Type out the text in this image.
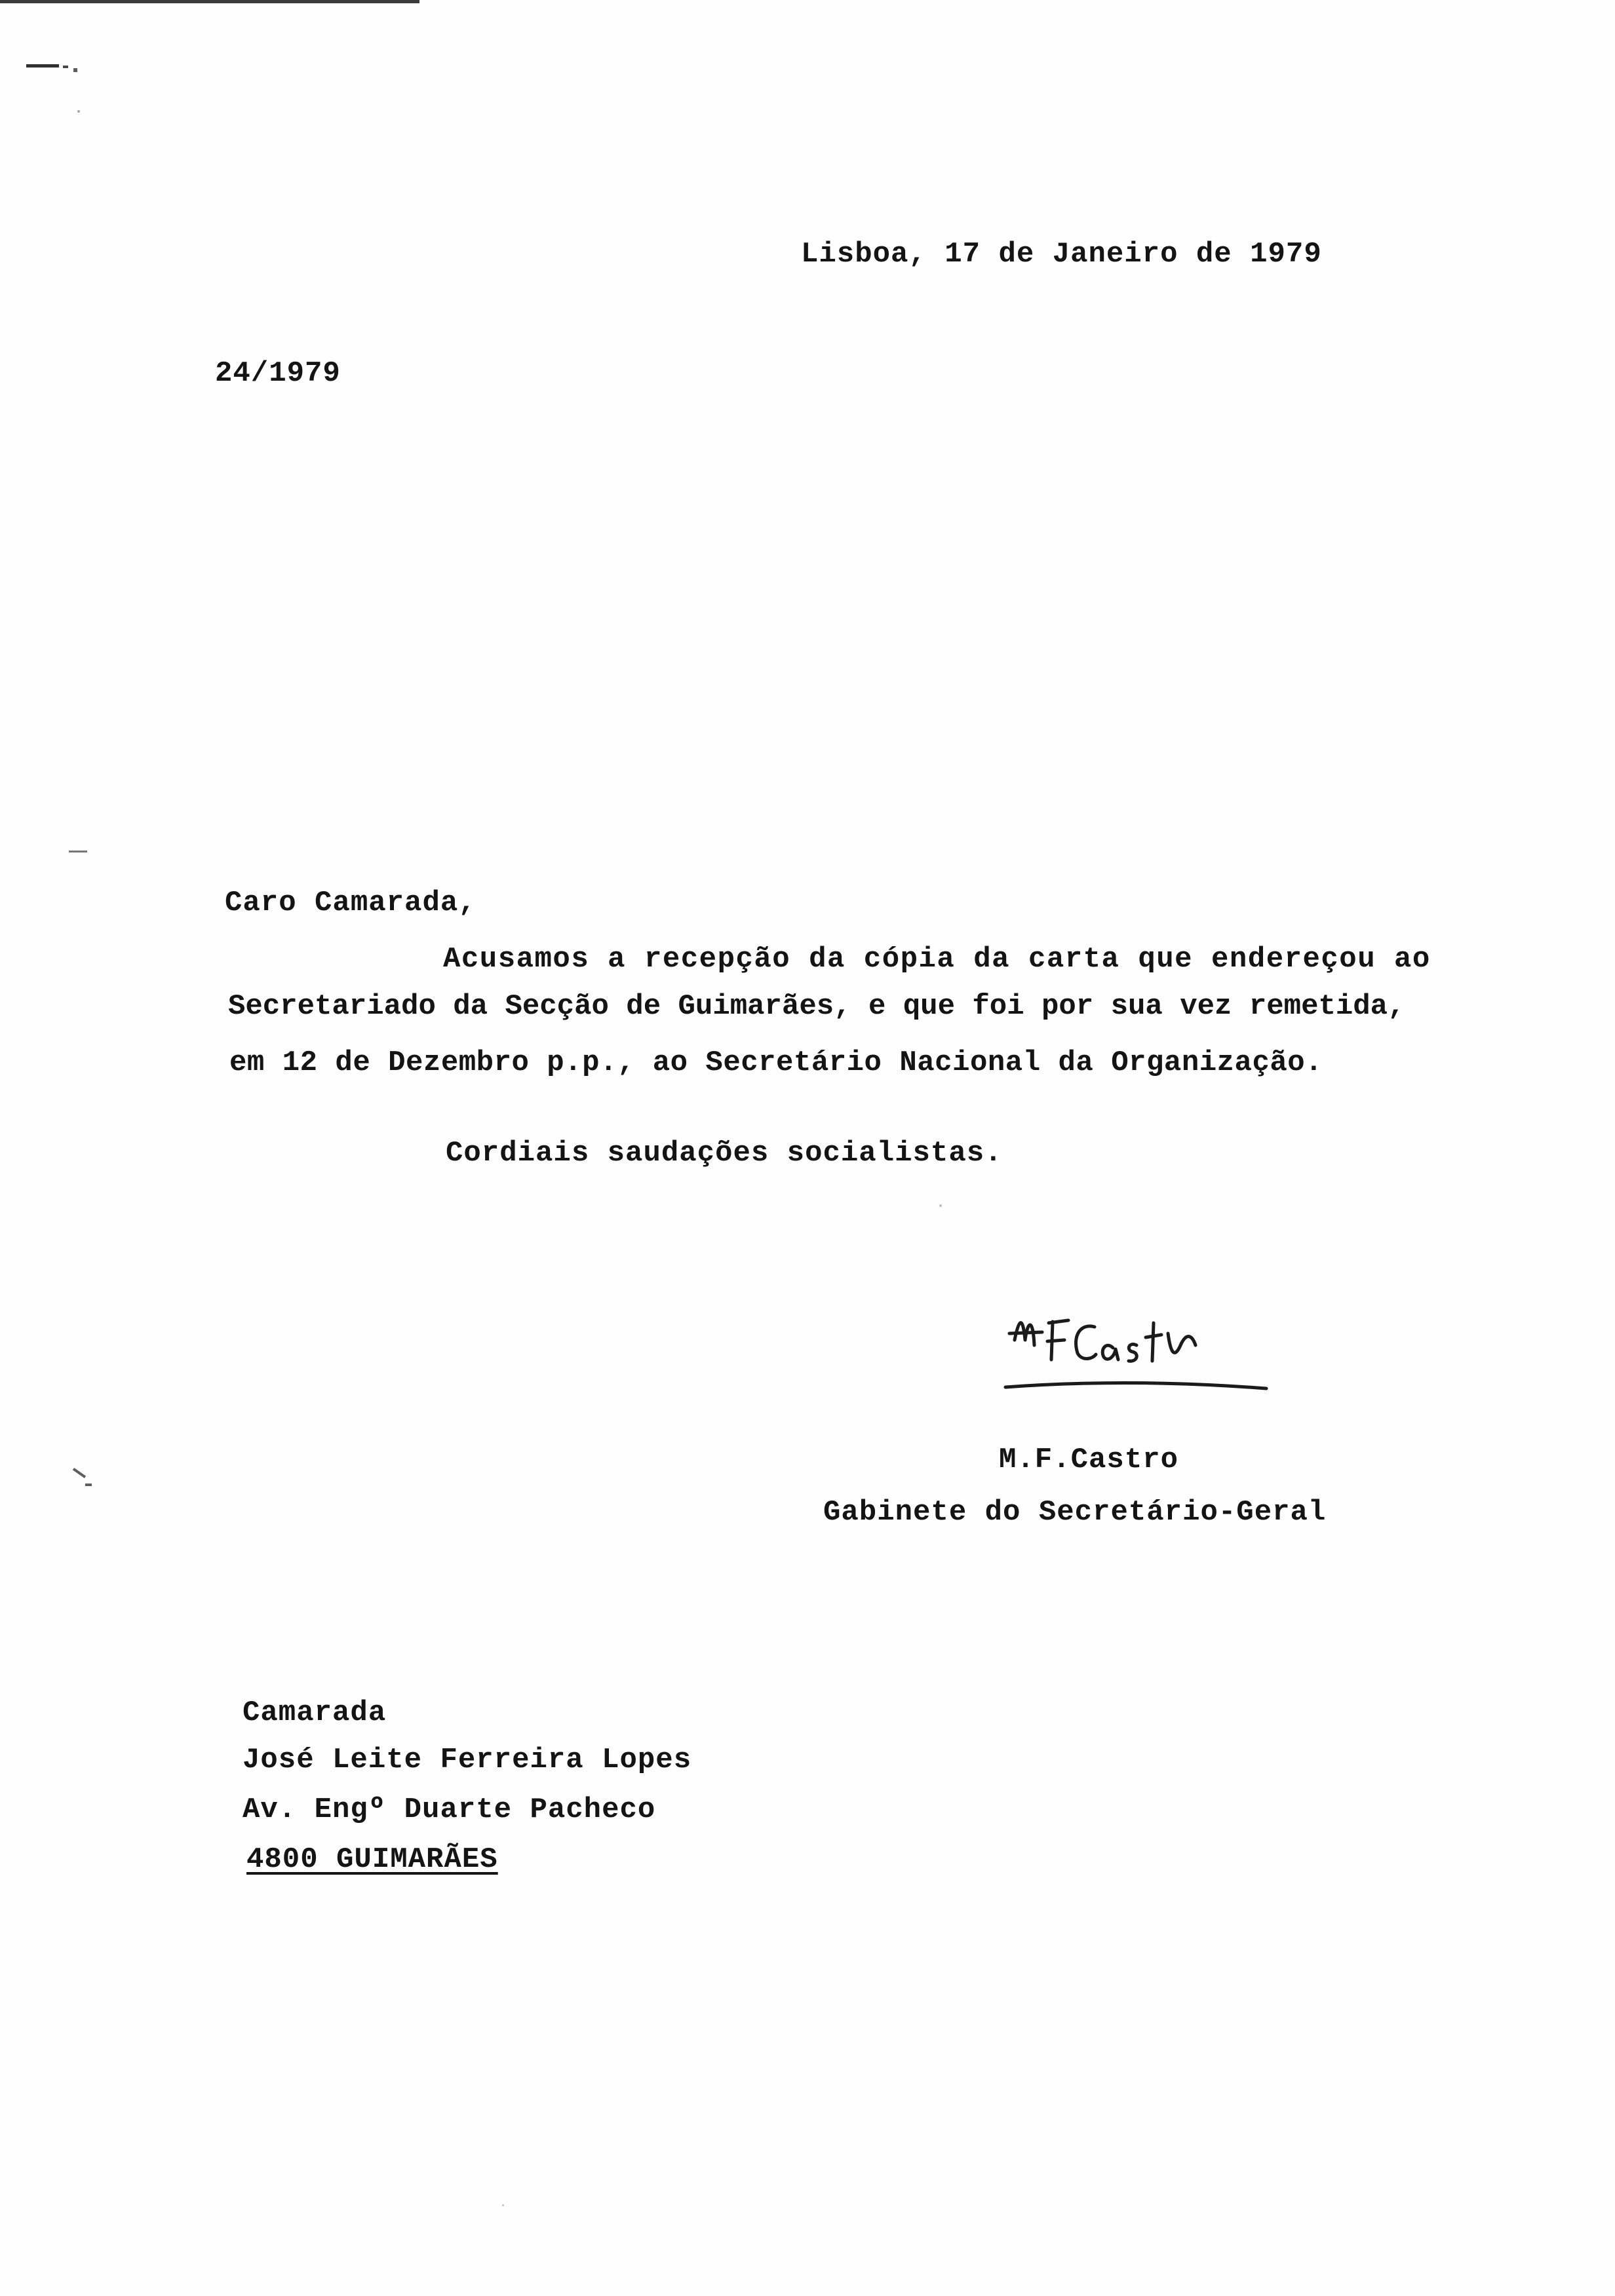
Lisboa, 17 de Janeiro de 1979
24/1979
Caro Camarada,
Acusamos a recepção da cópia da carta que endereçou ao
Secretariado da Secção de Guimarães, e que foi por sua vez remetida,
em 12 de Dezembro p.p., ao Secretário Nacional da Organização.
Cordiais saudações socialistas.
M.F.Castro
Gabinete do Secretário-Geral
Camarada
José Leite Ferreira Lopes
Av. Engº Duarte Pacheco
4800 GUIMARÃES
